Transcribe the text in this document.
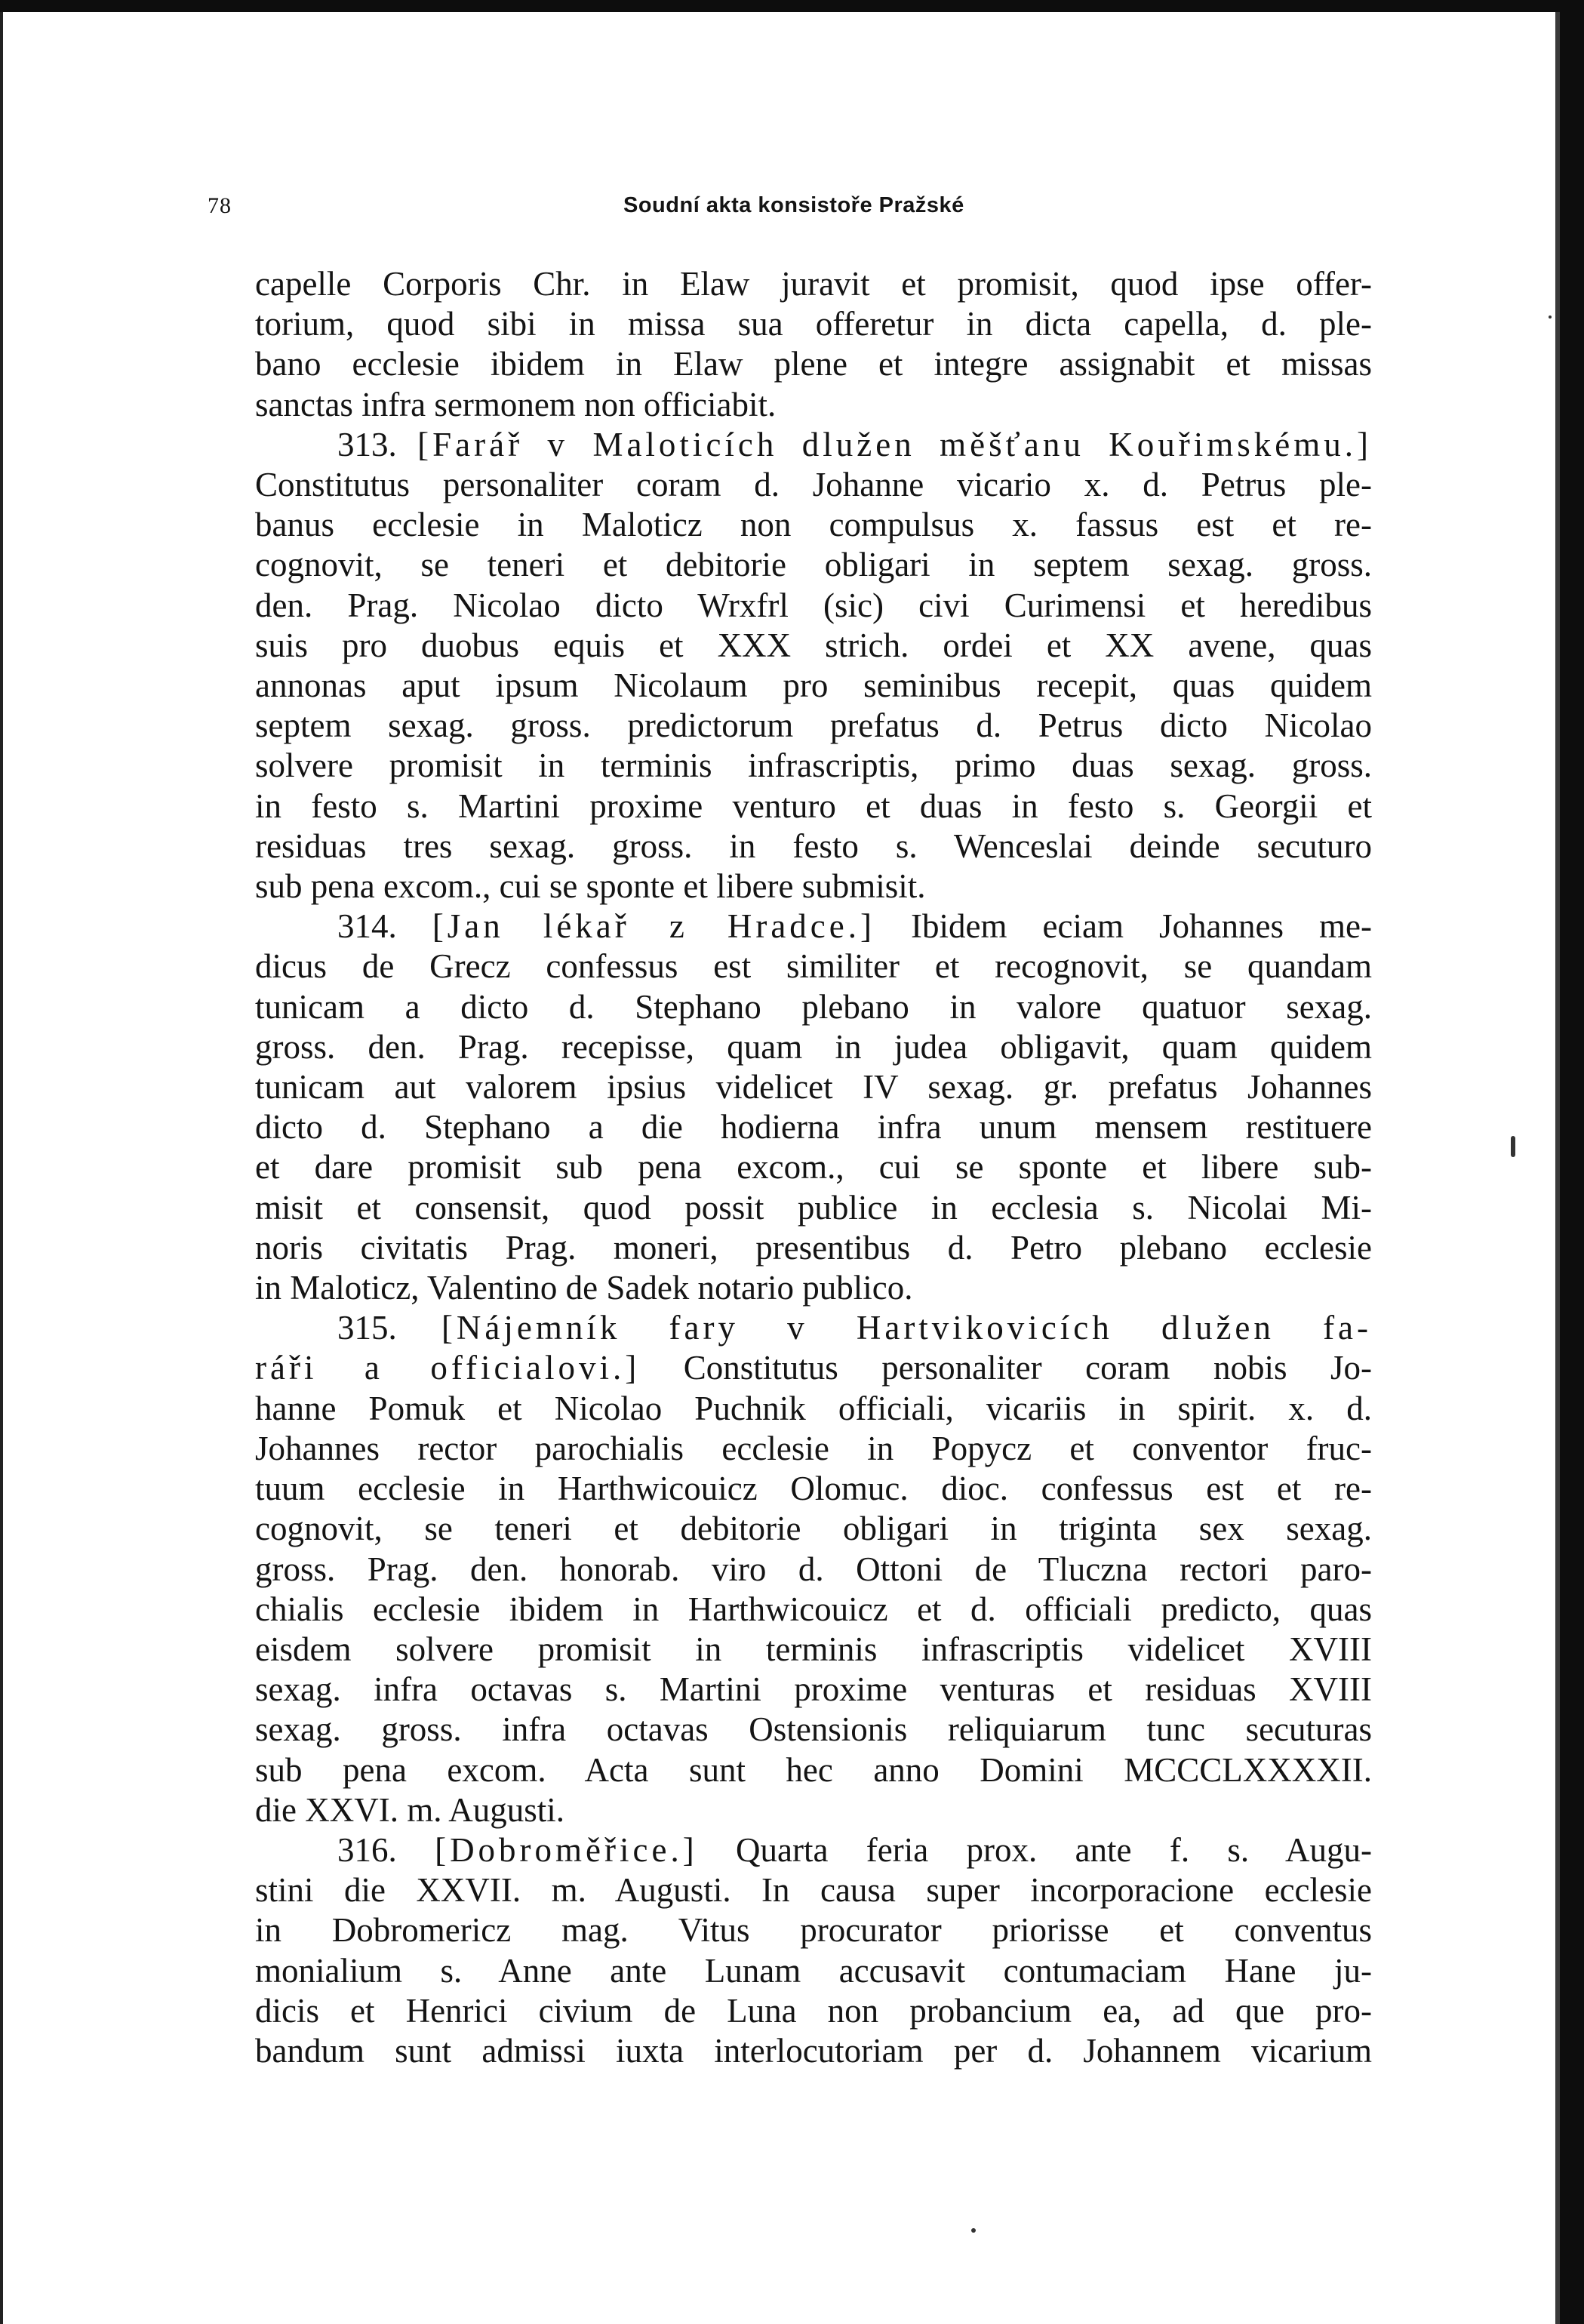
78	Soudní akta konsistoře Pražské
capelle Corporis Chr. in Elaw juravit et promisit, quod ipse offer-
torium, quod sibi in missa sua offeretur in dicta capella, d. ple-
bano ecclesie ibidem in Elaw plene et integre assignabit et missas
sanctas infra sermonem non officiabit.
313. [Farář v Maloticích dlužen měšťanu Kouřimskému.]
Constitutus personaliter coram d. Johanne vicario x. d. Petrus ple-
banus ecclesie in Maloticz non compulsus x. fassus est et re-
cognovit, se teneri et debitorie obligari in septem sexag. gross.
den. Prag. Nicolao dicto Wrxfrl (sic) civi Curimensi et heredibus
suis pro duobus equis et XXX strich. ordei et XX avene, quas
annonas aput ipsum Nicolaum pro seminibus recepit, quas quidem
septem sexag. gross. predictorum prefatus d. Petrus dicto Nicolao
solvere promisit in terminis infrascriptis, primo duas sexag. gross.
in festo s. Martini proxime venturo et duas in festo s. Georgii et
residuas tres sexag. gross. in festo s. Wenceslai deinde secuturo
sub pena excom., cui se sponte et libere submisit.
314. [Jan lékař z Hradce.] Ibidem eciam Johannes me-
dicus de Grecz confessus est similiter et recognovit, se quandam
tunicam a dicto d. Stephano plebano in valore quatuor sexag.
gross. den. Prag. recepisse, quam in judea obligavit, quam quidem
tunicam aut valorem ipsius videlicet IV sexag. gr. prefatus Johannes
dicto d. Stephano a die hodierna infra unum mensem restituere
et dare promisit sub pena excom., cui se sponte et libere sub-
misit et consensit, quod possit publice in ecclesia s. Nicolai Mi-
noris civitatis Prag. moneri, presentibus d. Petro plebano ecclesie
in Maloticz, Valentino de Sadek notario publico.
315. [Nájemník fary v Hartvikovicích dlužen fa-
ráři a officialovi.] Constitutus personaliter coram nobis Jo-
hanne Pomuk et Nicolao Puchnik officiali, vicariis in spirit. x. d.
Johannes rector parochialis ecclesie in Popycz et conventor fruc-
tuum ecclesie in Harthwicouicz Olomuc. dioc. confessus est et re-
cognovit, se teneri et debitorie obligari in triginta sex sexag.
gross. Prag. den. honorab. viro d. Ottoni de Tluczna rectori paro-
chialis ecclesie ibidem in Harthwicouicz et d. officiali predicto, quas
eisdem solvere promisit in terminis infrascriptis videlicet XVIII
sexag. infra octavas s. Martini proxime venturas et residuas XVIII
sexag. gross. infra octavas Ostensionis reliquiarum tunc secuturas
sub pena excom. Acta sunt hec anno Domini MCCCLXXXXII.
die XXVI. m. Augusti.
316. [Dobroměřice.] Quarta feria prox. ante f. s. Augu-
stini die XXVII. m. Augusti. In causa super incorporacione ecclesie
in Dobromericz mag. Vitus procurator priorisse et conventus
monialium s. Anne ante Lunam accusavit contumaciam Hane ju-
dicis et Henrici civium de Luna non probancium ea, ad que pro-
bandum sunt admissi iuxta interlocutoriam per d. Johannem vicarium
